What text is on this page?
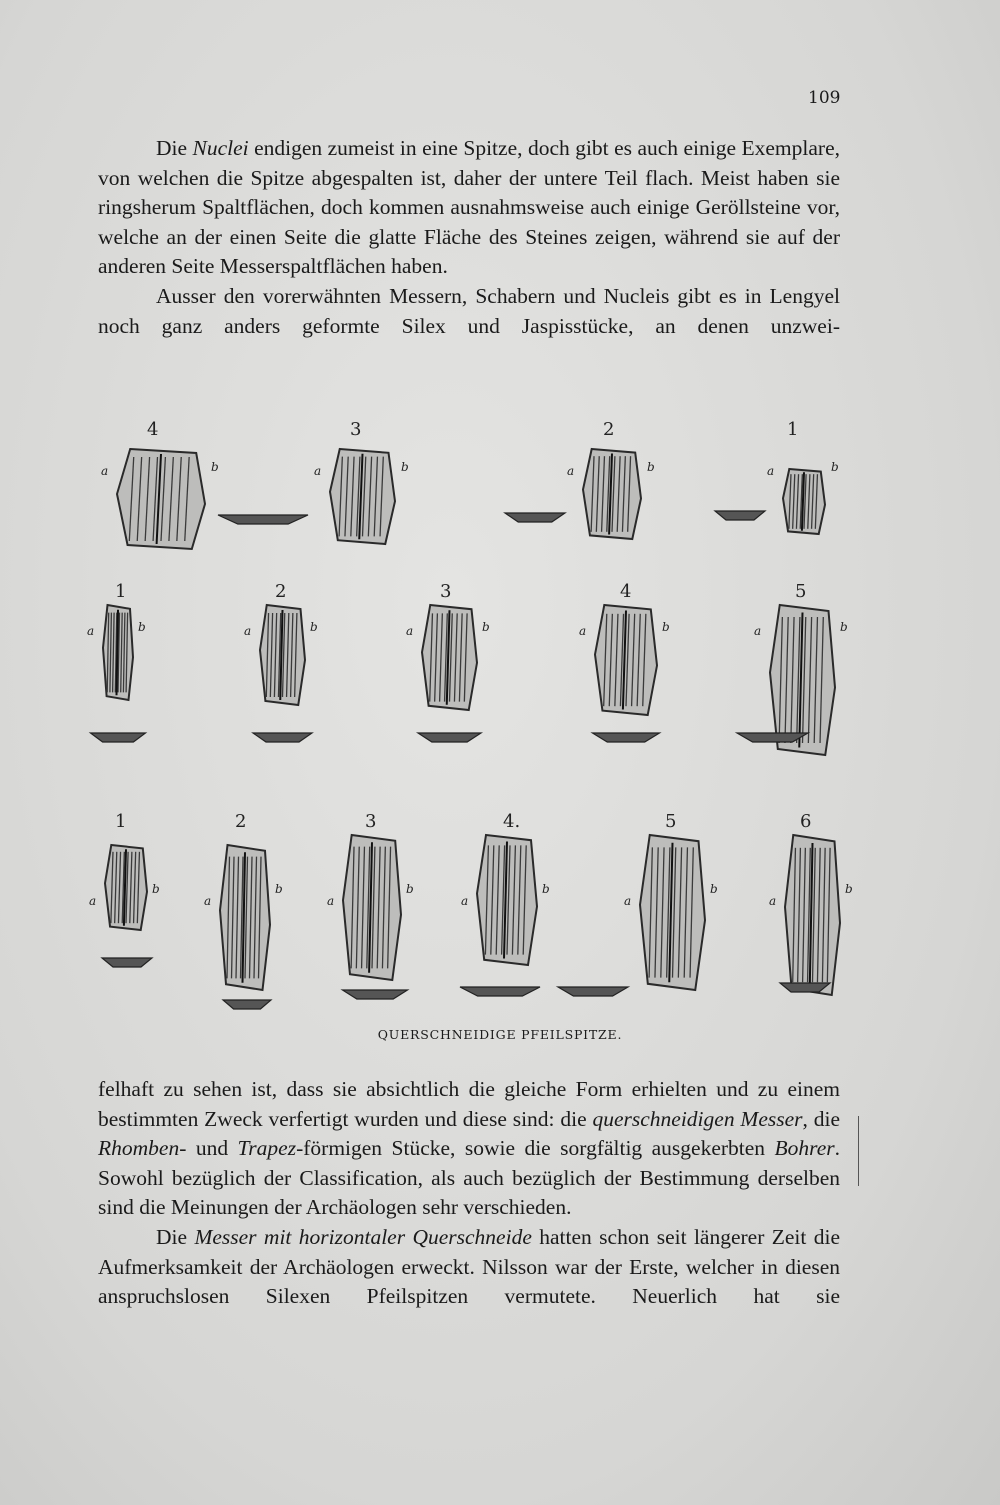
109

Die Nuclei endigen zumeist in eine Spitze, doch gibt es auch einige Exemplare, von welchen die Spitze abgespalten ist, daher der untere Teil flach. Meist haben sie ringsherum Spaltflächen, doch kommen ausnahmsweise auch einige Geröllsteine vor, welche an der einen Seite die glatte Fläche des Steines zeigen, während sie auf der anderen Seite Messerspaltflächen haben.

Ausser den vorerwähnten Messern, Schabern und Nucleis gibt es in Lengyel noch ganz anders geformte Silex und Jaspisstücke, an denen unzwei-

4
a	b
3
a	b
2
a	b
1
a	b
1
a	b
2
a	b
3
a	b
4
a	b
5
a	b
1
a
b
2
a
b
3
a
b
4.
a
b
5
a
b
6
a
b
QUERSCHNEIDIGE PFEILSPITZE.

felhaft zu sehen ist, dass sie absichtlich die gleiche Form erhielten und zu einem bestimmten Zweck verfertigt wurden und diese sind: die querschneidigen Messer, die Rhomben- und Trapez-förmigen Stücke, sowie die sorgfältig ausgekerbten Bohrer. Sowohl bezüglich der Classification, als auch bezüglich der Bestimmung derselben sind die Meinungen der Archäologen sehr verschieden.

Die Messer mit horizontaler Querschneide hatten schon seit längerer Zeit die Aufmerksamkeit der Archäologen erweckt. Nilsson war der Erste, welcher in diesen anspruchslosen Silexen Pfeilspitzen vermutete. Neuerlich hat sie
